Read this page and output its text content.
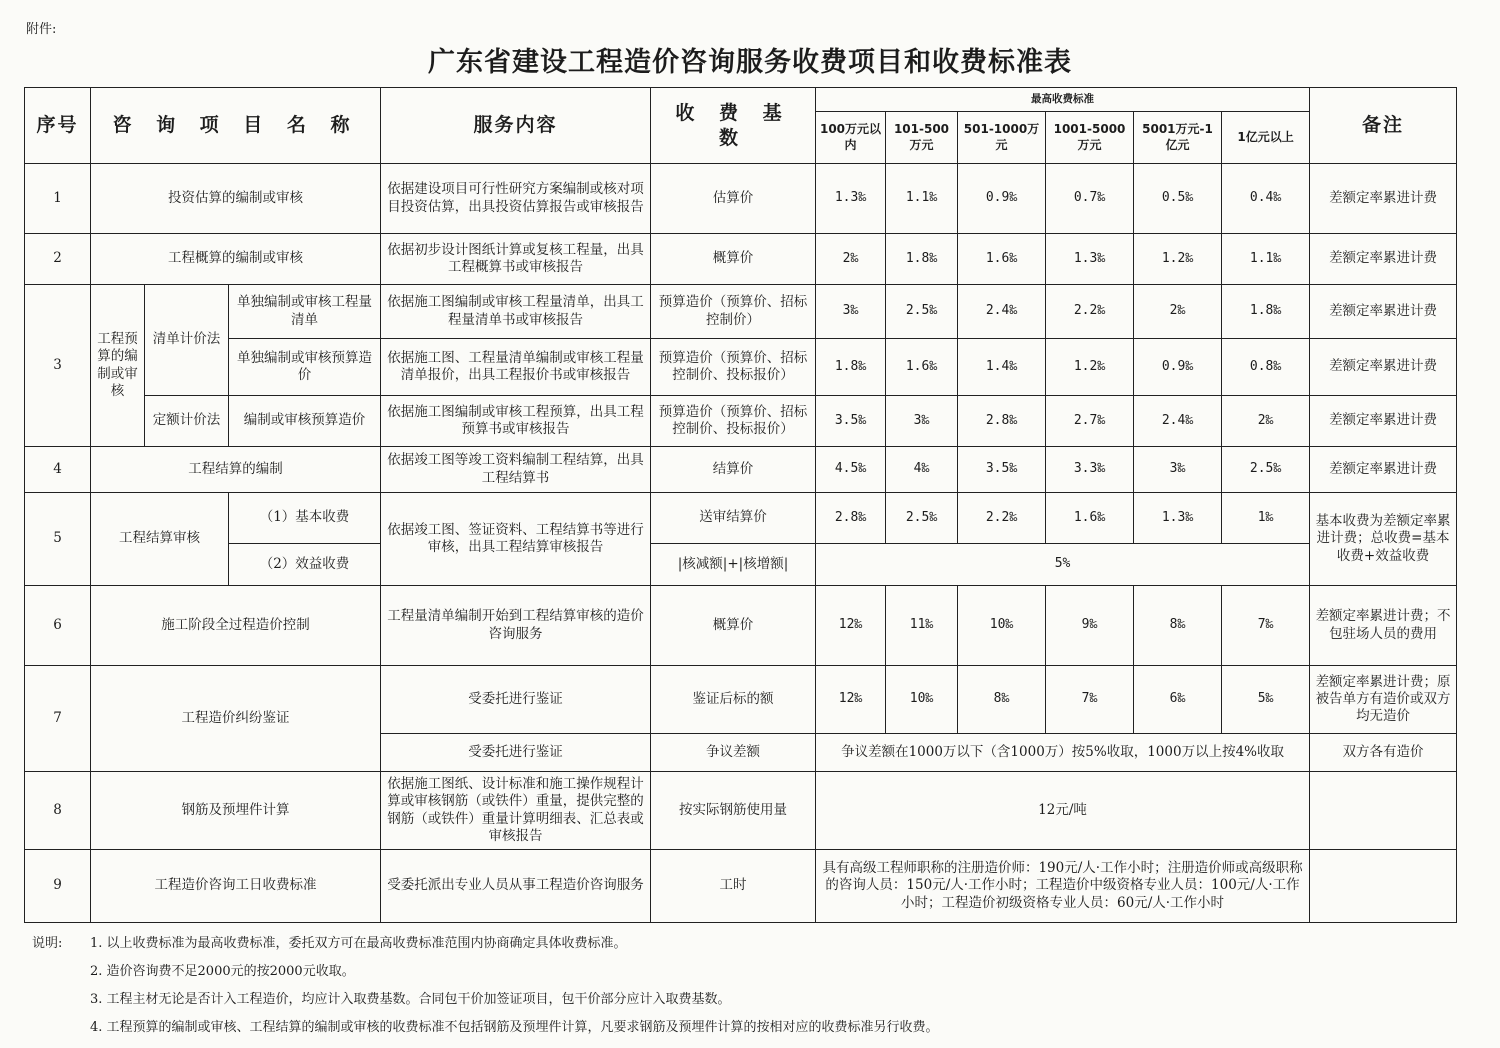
附件:
广东省建设工程造价咨询服务收费项目和收费标准表
序号	咨 询 项 目 名 称			服务内容	收 费 基 数	最高收费标准						备注
						100万元以内	101-500万元	501-1000万元	1001-5000万元	5001万元-1亿元	1亿元以上	
1	投资估算的编制或审核			依据建设项目可行性研究方案编制或核对项目投资估算，出具投资估算报告或审核报告	估算价	1.3‰	1.1‰	0.9‰	0.7‰	0.5‰	0.4‰	差额定率累进计费
2	工程概算的编制或审核			依据初步设计图纸计算或复核工程量，出具工程概算书或审核报告	概算价	2‰	1.8‰	1.6‰	1.3‰	1.2‰	1.1‰	差额定率累进计费
3	工程预算的编制或审核	清单计价法	单独编制或审核工程量清单	依据施工图编制或审核工程量清单，出具工程量清单书或审核报告	预算造价（预算价、招标控制价）	3‰	2.5‰	2.4‰	2.2‰	2‰	1.8‰	差额定率累进计费
			单独编制或审核预算造价	依据施工图、工程量清单编制或审核工程量清单报价，出具工程报价书或审核报告	预算造价（预算价、招标控制价、投标报价）	1.8‰	1.6‰	1.4‰	1.2‰	0.9‰	0.8‰	差额定率累进计费
		定额计价法	编制或审核预算造价	依据施工图编制或审核工程预算，出具工程预算书或审核报告	预算造价（预算价、招标控制价、投标报价）	3.5‰	3‰	2.8‰	2.7‰	2.4‰	2‰	差额定率累进计费
4	工程结算的编制			依据竣工图等竣工资料编制工程结算，出具工程结算书	结算价	4.5‰	4‰	3.5‰	3.3‰	3‰	2.5‰	差额定率累进计费
5	工程结算审核		（1）基本收费	依据竣工图、签证资料、工程结算书等进行审核，出具工程结算审核报告	送审结算价	2.8‰	2.5‰	2.2‰	1.6‰	1.3‰	1‰	基本收费为差额定率累进计费；总收费=基本收费+效益收费
			（2）效益收费		|核减额|+|核增额|	5%						
6	施工阶段全过程造价控制			工程量清单编制开始到工程结算审核的造价咨询服务	概算价	12‰	11‰	10‰	9‰	8‰	7‰	差额定率累进计费；不包驻场人员的费用
7	工程造价纠纷鉴证			受委托进行鉴证	鉴证后标的额	12‰	10‰	8‰	7‰	6‰	5‰	差额定率累进计费；原被告单方有造价或双方均无造价
				受委托进行鉴证	争议差额	争议差额在1000万以下（含1000万）按5%收取，1000万以上按4%收取						双方各有造价
8	钢筋及预埋件计算			依据施工图纸、设计标准和施工操作规程计算或审核钢筋（或铁件）重量，提供完整的钢筋（或铁件）重量计算明细表、汇总表或审核报告	按实际钢筋使用量	12元/吨						
9	工程造价咨询工日收费标准			受委托派出专业人员从事工程造价咨询服务	工时	具有高级工程师职称的注册造价师：190元/人·工作小时；注册造价师或高级职称的咨询人员：150元/人·工作小时；工程造价中级资格专业人员：100元/人·工作小时；工程造价初级资格专业人员：60元/人·工作小时						
说明:	1. 以上收费标准为最高收费标准，委托双方可在最高收费标准范围内协商确定具体收费标准。
2. 造价咨询费不足2000元的按2000元收取。
3. 工程主材无论是否计入工程造价，均应计入取费基数。合同包干价加签证项目，包干价部分应计入取费基数。
4. 工程预算的编制或审核、工程结算的编制或审核的收费标准不包括钢筋及预埋件计算，凡要求钢筋及预埋件计算的按相对应的收费标准另行收费。
